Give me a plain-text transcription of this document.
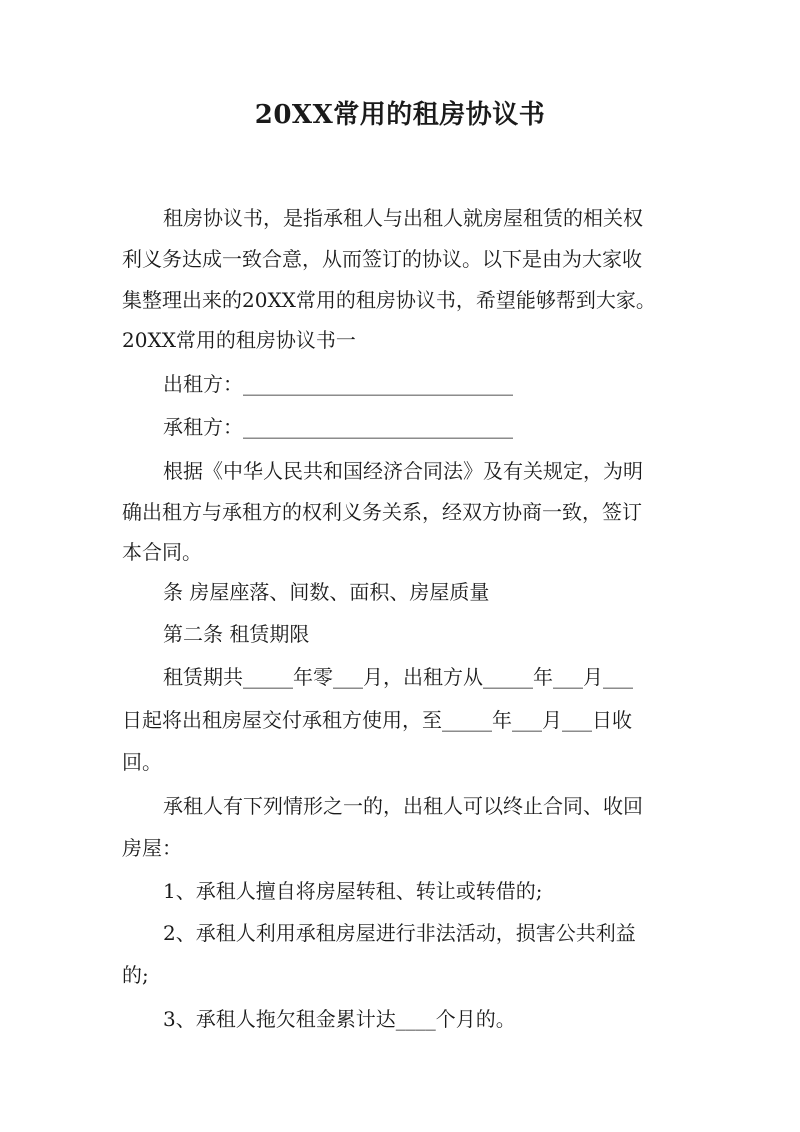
20XX常用的租房协议书
租房协议书，是指承租人与出租人就房屋租赁的相关权
利义务达成一致合意，从而签订的协议。以下是由为大家收
集整理出来的20XX常用的租房协议书，希望能够帮到大家。
20XX常用的租房协议书一
出租方：___________________________
承租方：___________________________
根据《中华人民共和国经济合同法》及有关规定，为明
确出租方与承租方的权利义务关系，经双方协商一致，签订
本合同。
条 房屋座落、间数、面积、房屋质量
第二条 租赁期限
租赁期共_____年零___月，出租方从_____年___月___
日起将出租房屋交付承租方使用，至_____年___月___日收
回。
承租人有下列情形之一的，出租人可以终止合同、收回
房屋：
1、承租人擅自将房屋转租、转让或转借的;
2、承租人利用承租房屋进行非法活动，损害公共利益
的;
3、承租人拖欠租金累计达____个月的。
